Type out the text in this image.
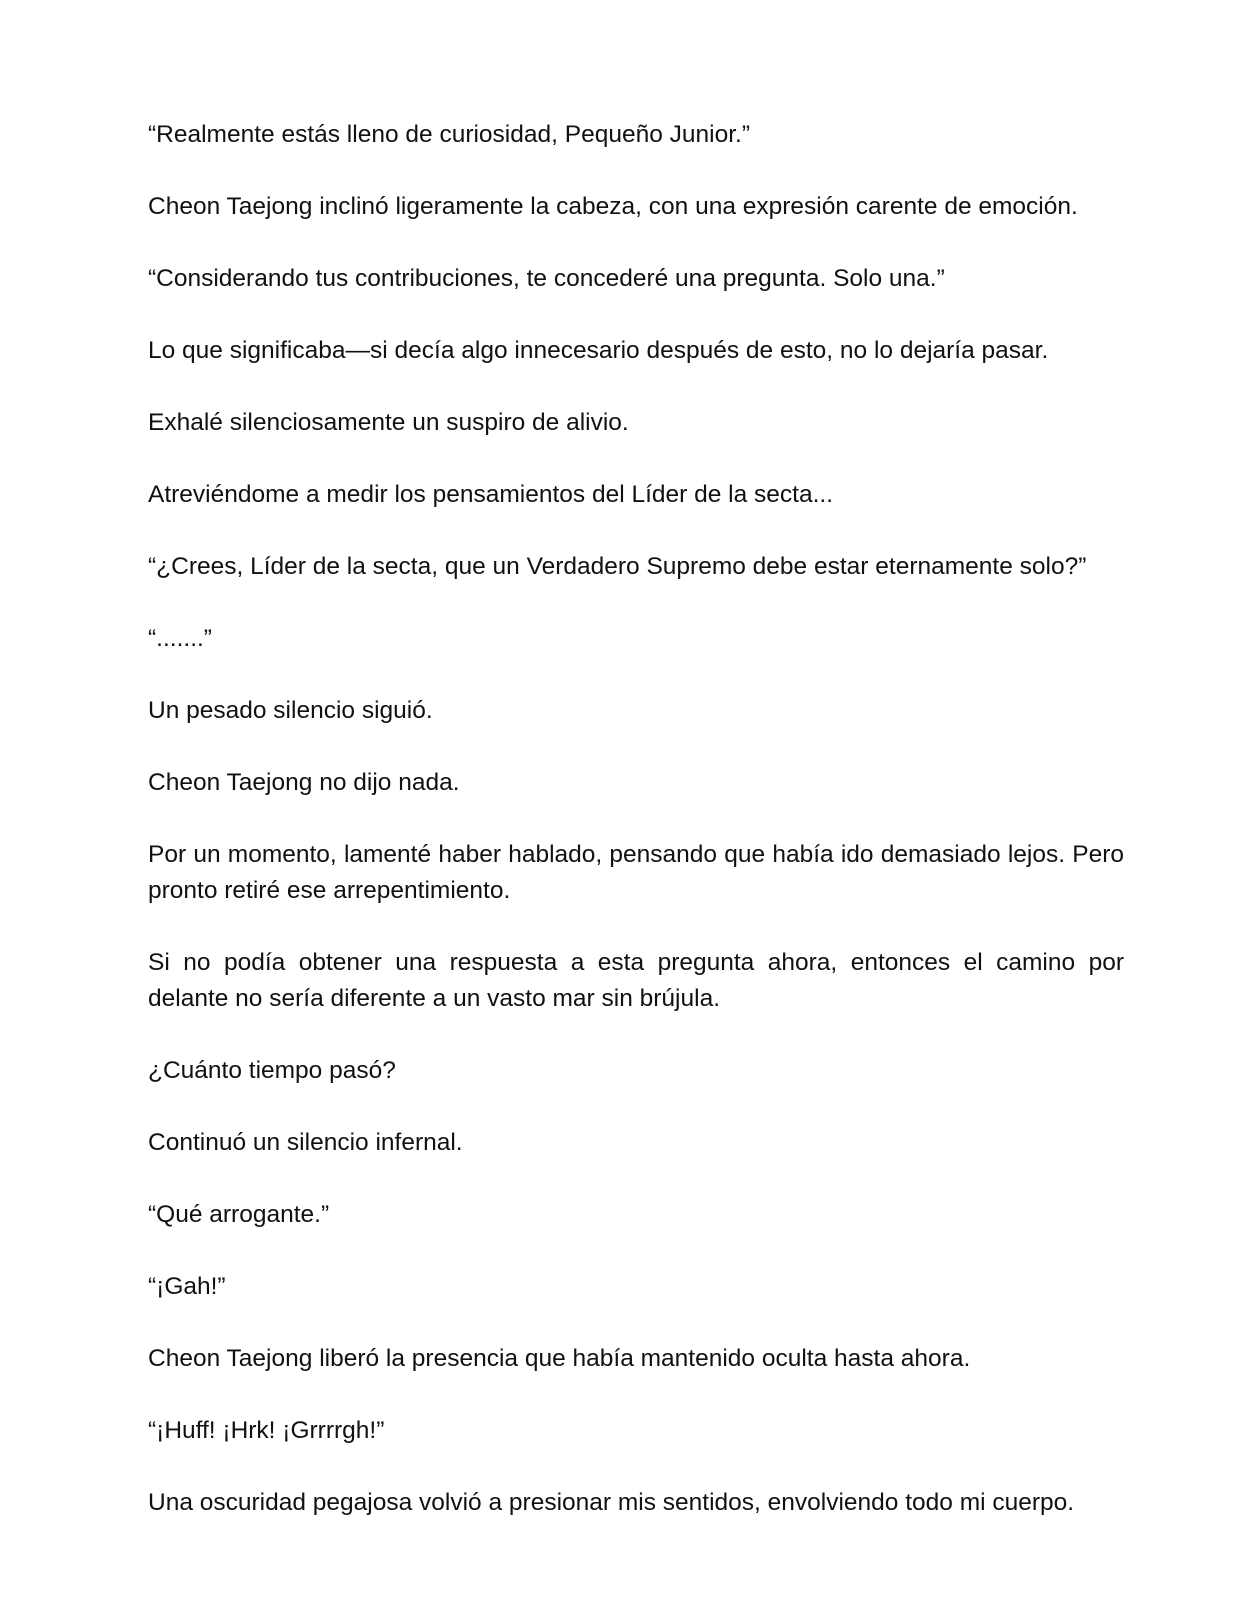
“Realmente estás lleno de curiosidad, Pequeño Junior.”

Cheon Taejong inclinó ligeramente la cabeza, con una expresión carente de emoción.

“Considerando tus contribuciones, te concederé una pregunta. Solo una.”

Lo que significaba—si decía algo innecesario después de esto, no lo dejaría pasar.

Exhalé silenciosamente un suspiro de alivio.

Atreviéndome a medir los pensamientos del Líder de la secta...

“¿Crees, Líder de la secta, que un Verdadero Supremo debe estar eternamente solo?”

“.......”

Un pesado silencio siguió.

Cheon Taejong no dijo nada.

Por un momento, lamenté haber hablado, pensando que había ido demasiado lejos. Pero pronto retiré ese arrepentimiento.

Si no podía obtener una respuesta a esta pregunta ahora, entonces el camino por delante no sería diferente a un vasto mar sin brújula.

¿Cuánto tiempo pasó?

Continuó un silencio infernal.

“Qué arrogante.”

“¡Gah!”

Cheon Taejong liberó la presencia que había mantenido oculta hasta ahora.

“¡Huff! ¡Hrk! ¡Grrrrgh!”

Una oscuridad pegajosa volvió a presionar mis sentidos, envolviendo todo mi cuerpo.
